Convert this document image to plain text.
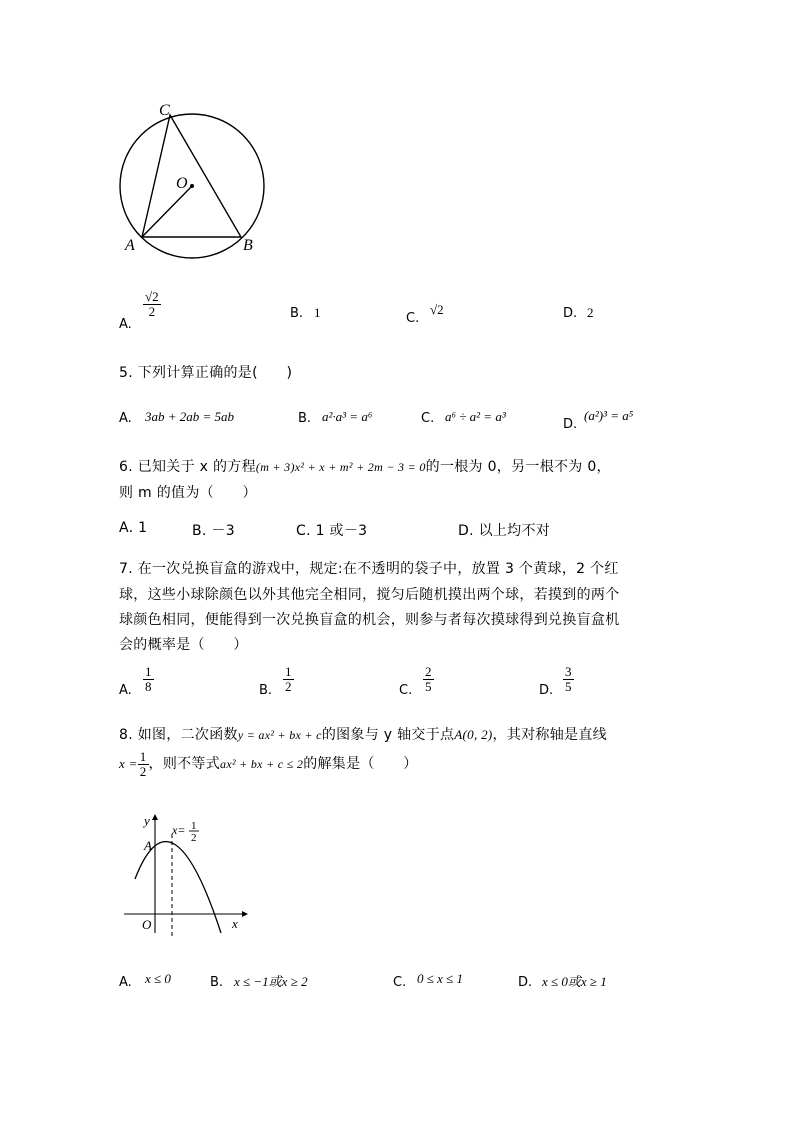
C
O
A	B
A.
$\frac{√2}{2}$	B. 1	C.
√2	D. 2
5. 下列计算正确的是(　　)
A. 3ab + 2ab = 5ab	B. a²·a³ = a⁶	C. a⁶ ÷ a² = a³
D.
(a²)³ = a⁵
6. 已知关于 x 的方程(m + 3)x² + x + m² + 2m − 3 = 0的一根为 0，另一根不为 0，
则 m 的值为（　　）
A. 1	B. －3	C. 1 或－3	D. 以上均不对
7. 在一次兑换盲盒的游戏中，规定:在不透明的袋子中，放置 3 个黄球，2 个红
球，这些小球除颜色以外其他完全相同，搅匀后随机摸出两个球，若摸到的两个
球颜色相同，便能得到一次兑换盲盒的机会，则参与者每次摸球得到兑换盲盒机
会的概率是（　　）
A. $\frac{1}{8}$	B. $\frac{1}{2}$	C. $\frac{2}{5}$	D. $\frac{3}{5}$
8. 如图，二次函数y = ax² + bx + c的图象与 y 轴交于点A(0, 2)，其对称轴是直线
$x = \frac{1}{2}$ ，则不等式ax² + bx + c ≤ 2的解集是（　　）
y
x
O
A
x= 1
2
A. x ≤ 0	B. x ≤ −1或x ≥ 2	C. 0 ≤ x ≤ 1	D. x ≤ 0或x ≥ 1
